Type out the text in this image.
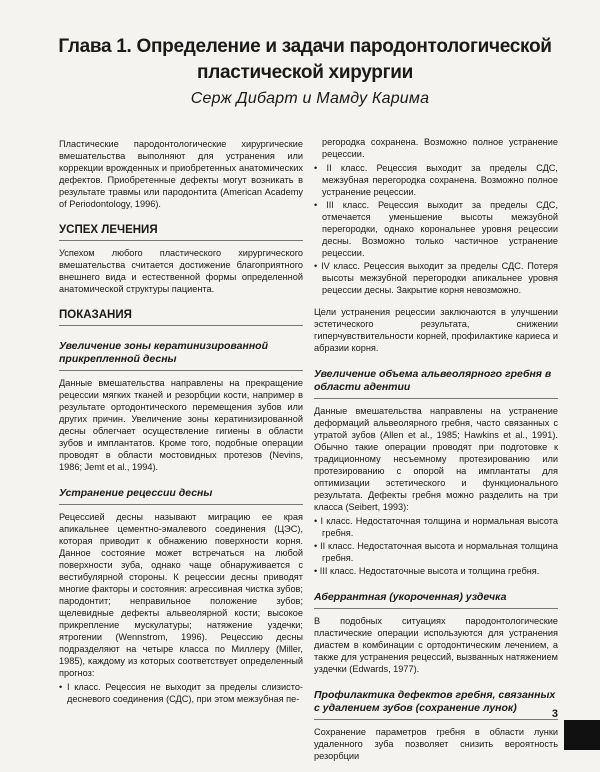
Глава 1. Определение и задачи пародонтологической
пластической хирургии
Серж Дибарт и Мамду Карима

Пластические пародонтологические хирургические вмешательства выполняют для устранения или коррекции врожденных и приобретенных анатомических дефектов. Приобретенные дефекты могут возникать в результате травмы или пародонтита (American Academy of Periodontology, 1996).

УСПЕХ ЛЕЧЕНИЯ

Успехом любого пластического хирургического вмешательства считается достижение благоприятного внешнего вида и естественной формы определенной анатомической структуры пациента.

ПОКАЗАНИЯ
Увеличение зоны кератинизированной прикрепленной десны

Данные вмешательства направлены на прекращение рецессии мягких тканей и резорбции кости, например в результате ортодонтического перемещения зубов или других причин. Увеличение зоны кератинизированной десны облегчает осуществление гигиены в области зубов и имплантатов. Кроме того, подобные операции проводят в области мостовидных протезов (Nevins, 1986; Jemt et al., 1994).

Устранение рецессии десны

Рецессией десны называют миграцию ее края апикальнее цементно-эмалевого соединения (ЦЭС), которая приводит к обнажению поверхности корня. Данное состояние может встречаться на любой поверхности зуба, однако чаще обнаруживается с вестибулярной стороны. К рецессии десны приводят многие факторы и состояния: агрессивная чистка зубов; пародонтит; неправильное положение зубов; щелевидные дефекты альвеолярной кости; высокое прикрепление мускулатуры; натяжение уздечки; ятрогении (Wennstrom, 1996). Рецессию десны подразделяют на четыре класса по Миллеру (Miller, 1985), каждому из которых соответствует определенный прогноз:

• I класс. Рецессия не выходит за пределы слизисто-десневого соединения (СДС), при этом межзубная пе-

регородка сохранена. Возможно полное устранение рецессии.

• II класс. Рецессия выходит за пределы СДС, межзубная перегородка сохранена. Возможно полное устранение рецессии.
• III класс. Рецессия выходит за пределы СДС, отмечается уменьшение высоты межзубной перегородки, однако корональнее уровня рецессии десны. Возможно только частичное устранение рецессии.
• IV класс. Рецессия выходит за пределы СДС. Потеря высоты межзубной перегородки апикальнее уровня рецессии десны. Закрытие корня невозможно.

Цели устранения рецессии заключаются в улучшении эстетического результата, снижении гиперчувствительности корней, профилактике кариеса и абразии корня.

Увеличение объема альвеолярного гребня в области адентии

Данные вмешательства направлены на устранение деформаций альвеолярного гребня, часто связанных с утратой зубов (Allen et al., 1985; Hawkins et al., 1991). Обычно такие операции проводят при подготовке к традиционному несъемному протезированию или протезированию с опорой на имплантаты для оптимизации эстетического и функционального результата. Дефекты гребня можно разделить на три класса (Seibert, 1993):

• I класс. Недостаточная толщина и нормальная высота гребня.
• II класс. Недостаточная высота и нормальная толщина гребня.
• III класс. Недостаточные высота и толщина гребня.
Аберрантная (укороченная) уздечка

В подобных ситуациях пародонтологические пластические операции используются для устранения диастем в комбинации с ортодонтическим лечением, а также для устранения рецессий, вызванных натяжением уздечки (Edwards, 1977).

Профилактика дефектов гребня, связанных с удалением зубов (сохранение лунок)

Сохранение параметров гребня в области лунки удаленного зуба позволяет снизить вероятность резорбции

3
